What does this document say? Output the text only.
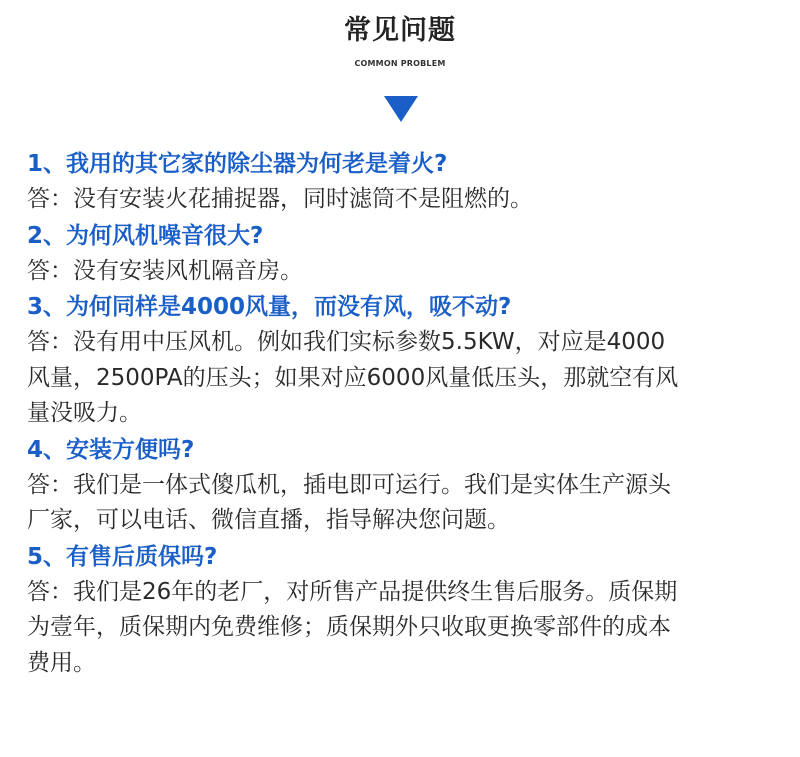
常见问题
COMMON PROBLEM
1、我用的其它家的除尘器为何老是着火?
答：没有安装火花捕捉器，同时滤筒不是阻燃的。
2、为何风机噪音很大?
答：没有安装风机隔音房。
3、为何同样是4000风量，而没有风，吸不动?
答：没有用中压风机。例如我们实标参数5.5KW，对应是4000
风量，2500PA的压头；如果对应6000风量低压头，那就空有风
量没吸力。
4、安装方便吗?
答：我们是一体式傻瓜机，插电即可运行。我们是实体生产源头
厂家，可以电话、微信直播，指导解决您问题。
5、有售后质保吗?
答：我们是26年的老厂，对所售产品提供终生售后服务。质保期
为壹年，质保期内免费维修；质保期外只收取更换零部件的成本
费用。
